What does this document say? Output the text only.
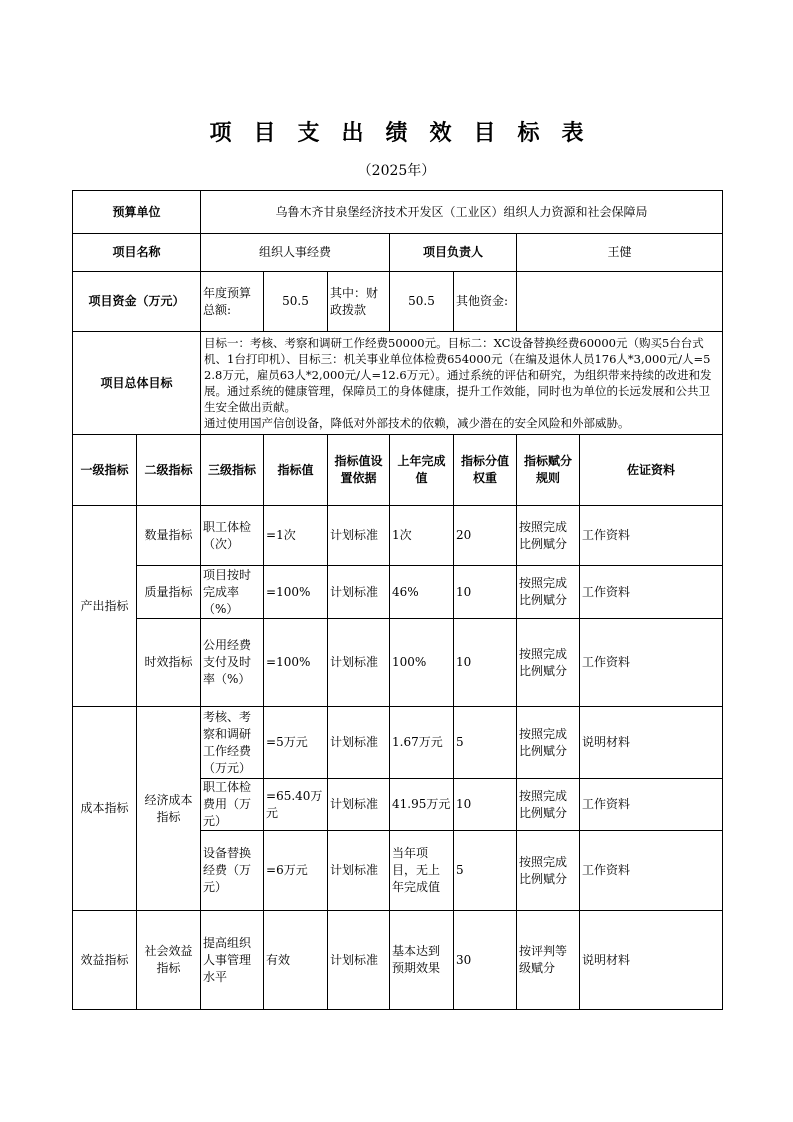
项目支出绩效目标表
（2025年）
预算单位		乌鲁木齐甘泉堡经济技术开发区（工业区）组织人力资源和社会保障局						
项目名称		组织人事经费			项目负责人		王健	
项目资金（万元）		年度预算总额:	50.5	其中：财政拨款	50.5	其他资金:		
项目总体目标		目标一：考核、考察和调研工作经费50000元。目标二：XC设备替换经费60000元（购买5台台式机、1台打印机）、目标三：机关事业单位体检费654000元（在编及退休人员176人*3,000元/人=52.8万元，雇员63人*2,000元/人=12.6万元）。通过系统的评估和研究，为组织带来持续的改进和发展。通过系统的健康管理，保障员工的身体健康，提升工作效能，同时也为单位的长远发展和公共卫生安全做出贡献。

通过使用国产信创设备，降低对外部技术的依赖，减少潜在的安全风险和外部威胁。						

一级指标	二级指标	三级指标	指标值	指标值设置依据	上年完成值	指标分值权重	指标赋分规则	佐证资料
产出指标	数量指标	职工体检（次）	=1次	计划标准	1次	20	按照完成比例赋分	工作资料
	质量指标	项目按时完成率（%）	=100%	计划标准	46%	10	按照完成比例赋分	工作资料
	时效指标	公用经费支付及时率（%）	=100%	计划标准	100%	10	按照完成比例赋分	工作资料
成本指标	经济成本指标	考核、考察和调研工作经费（万元）	=5万元	计划标准	1.67万元	5	按照完成比例赋分	说明材料
		职工体检费用（万元）	=65.40万元	计划标准	41.95万元	10	按照完成比例赋分	工作资料
		设备替换经费（万元）	=6万元	计划标准	当年项目，无上年完成值	5	按照完成比例赋分	工作资料
效益指标	社会效益指标	提高组织人事管理水平	有效	计划标准	基本达到预期效果	30	按评判等级赋分	说明材料
